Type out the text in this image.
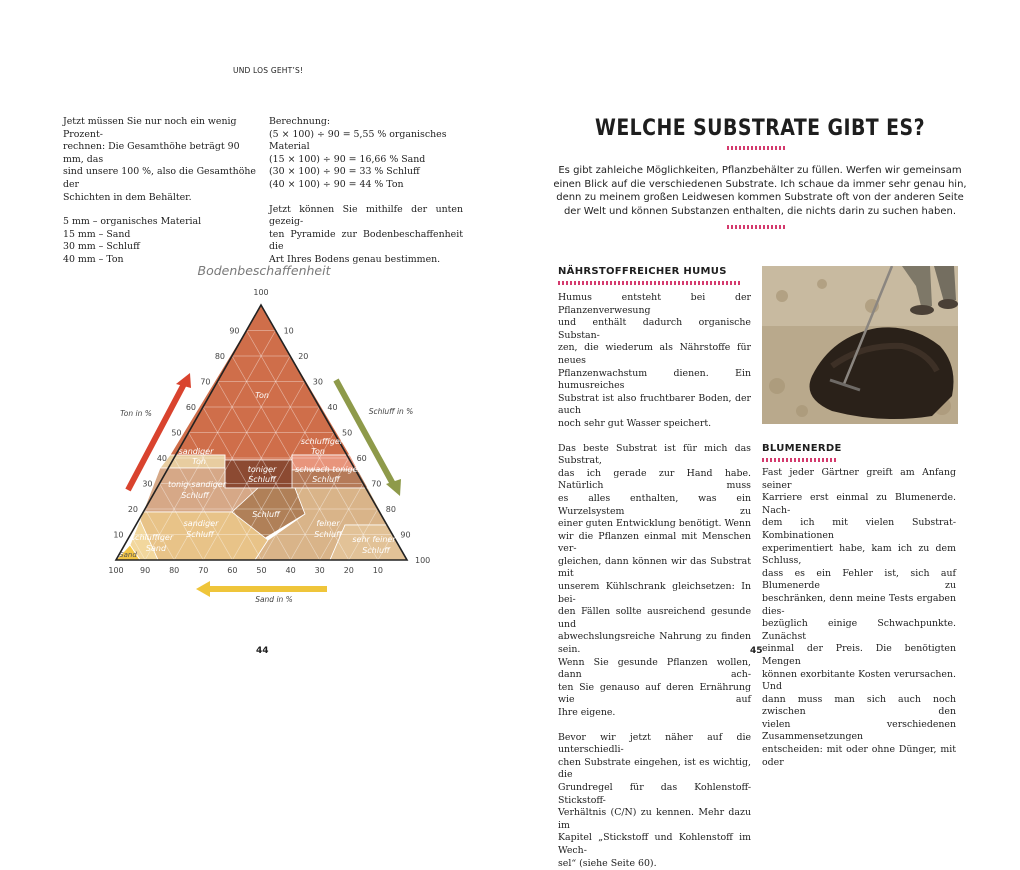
UND LOS GEHT’S!

Jetzt müssen Sie nur noch ein wenig Prozent-

rechnen: Die Gesamthöhe beträgt 90 mm, das

sind unsere 100 %, also die Gesamthöhe der

Schichten in dem Behälter.

5 mm – organisches Material

15 mm – Sand

30 mm – Schluff

40 mm – Ton

Berechnung:

(5 × 100) ÷ 90 = 5,55 % organisches Material

(15 × 100) ÷ 90 = 16,66 % Sand

(30 × 100) ÷ 90 = 33 % Schluff

(40 × 100) ÷ 90 = 44 % Ton

Jetzt können Sie mithilfe der unten gezeig-

ten Pyramide zur Bodenbeschaffenheit die

Art Ihres Bodens genau bestimmen.

Bodenbeschaffenheit
Ton
sandiger
Ton
schluffiger
Ton
toniger
Schluff
schwach toniger
Schluff
tonig-sandiger
Schluff
Schluff
sandiger
Schluff
feiner
Schluff
sehr feiner
Schluff
schluffiger
Sand
Sand
10
20
30
40
50
60
70
80
90
100
10
20
30
40
50
60
70
80
90
100
100 90 80 70 60 50 40 30 20 10
Ton in %	Schluff in %
Sand in %
44
WELCHE SUBSTRATE GIBT ES?

Es gibt zahleiche Möglichkeiten, Pflanzbehälter zu füllen. Werfen wir gemeinsam

einen Blick auf die verschiedenen Substrate. Ich schaue da immer sehr genau hin,

denn zu meinem großen Leidwesen kommen Substrate oft von der anderen Seite

der Welt und können Substanzen enthalten, die nichts darin zu suchen haben.

NÄHRSTOFFREICHER HUMUS

Humus entsteht bei der Pflanzenverwesung

und enthält dadurch organische Substan-

zen, die wiederum als Nährstoffe für neues

Pflanzenwachstum dienen. Ein humusreiches

Substrat ist also fruchtbarer Boden, der auch

noch sehr gut Wasser speichert.

Das beste Substrat ist für mich das Substrat,

das ich gerade zur Hand habe. Natürlich muss

es alles enthalten, was ein Wurzelsystem zu

einer guten Entwicklung benötigt. Wenn

wir die Pflanzen einmal mit Menschen ver-

gleichen, dann können wir das Substrat mit

unserem Kühlschrank gleichsetzen: In bei-

den Fällen sollte ausreichend gesunde und

abwechslungsreiche Nahrung zu finden sein.

Wenn Sie gesunde Pflanzen wollen, dann ach-

ten Sie genauso auf deren Ernährung wie auf

Ihre eigene.

Bevor wir jetzt näher auf die unterschiedli-

chen Substrate eingehen, ist es wichtig, die

Grundregel für das Kohlenstoff-Stickstoff-

Verhältnis (C/N) zu kennen. Mehr dazu im

Kapitel „Stickstoff und Kohlenstoff im Wech-

sel“ (siehe Seite 60).

BLUMENERDE

Fast jeder Gärtner greift am Anfang seiner

Karriere erst einmal zu Blumenerde. Nach-

dem ich mit vielen Substrat-Kombinationen

experimentiert habe, kam ich zu dem Schluss,

dass es ein Fehler ist, sich auf Blumenerde zu

beschränken, denn meine Tests ergaben dies-

bezüglich einige Schwachpunkte. Zunächst

einmal der Preis. Die benötigten Mengen

können exorbitante Kosten verursachen. Und

dann muss man sich auch noch zwischen den

vielen verschiedenen Zusammensetzungen

entscheiden: mit oder ohne Dünger, mit oder

45
